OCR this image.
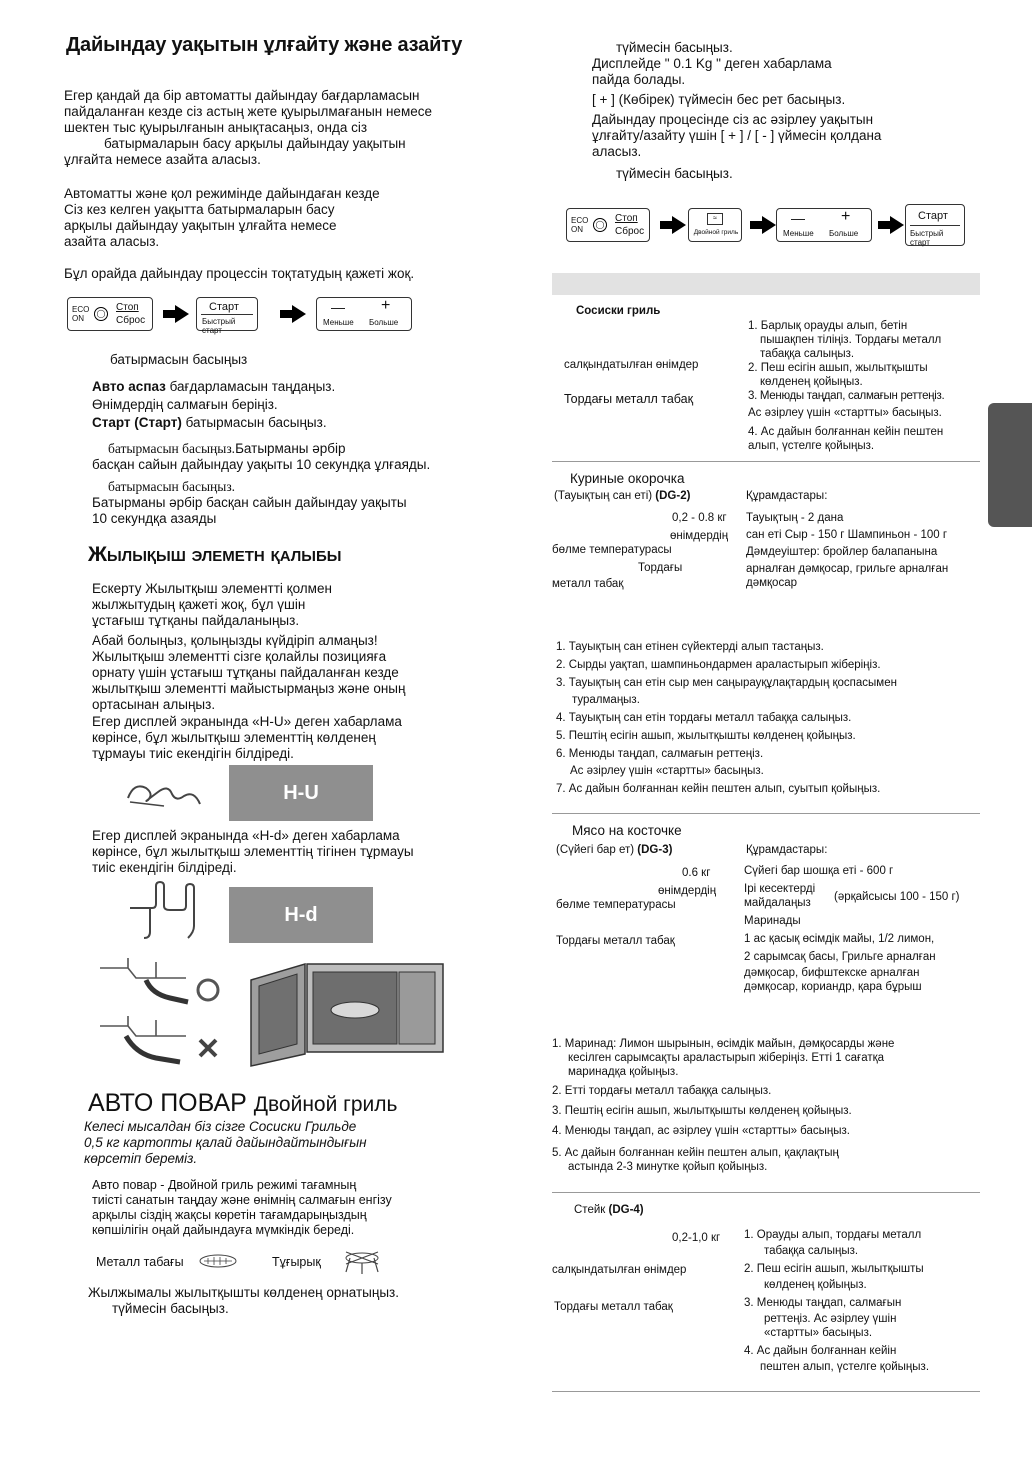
Дайындау уақытын ұлғайту және азайту
Егер қандай да бір автоматты дайындау бағдарламасын
пайдаланған кезде сіз астың жете қуырылмағанын немесе
шектен тыс қуырылғанын анықтасаңыз, онда сіз
батырмаларын басу арқылы дайындау уақытын
ұлғайта немесе азайта аласыз.
Автоматты және қол режимінде дайындаған кезде
Сіз кез келген уақытта батырмаларын басу
арқылы дайындау уақытын ұлғайта немесе
азайта аласыз.
Бұл орайда дайындау процессін тоқтатудың қажеті жоқ.
ECO ON
◯
Стоп
Сброс
Старт
Быстрый старт
— +
Меньше Больше
батырмасын басыңыз
Авто аспаз бағдарламасын таңдаңыз.
Өнімдердің салмағын беріңіз.
Старт (Старт) батырмасын басыңыз.
батырмасын басыңыз.Батырманы әрбір
басқан сайын дайындау уақыты 10 секундқа ұлғаяды.
батырмасын басыңыз.
Батырманы әрбір басқан сайын дайындау уақыты
10 секундқа азаяды
Жылықыш элеметн қалыбы
Ескерту Жылытқыш элементті қолмен
жылжытудың қажеті жоқ, бұл үшін
ұстағыш тұтқаны пайдаланыңыз.
Абай болыңыз, қолыңызды күйдіріп алмаңыз!
Жылытқыш элементті сізге қолайлы позицияға
орнату үшін ұстағыш тұтқаны пайдаланған кезде
жылытқыш элементті майыстырмаңыз және оның
ортасынан алыңыз.
Егер дисплей экранында «H-U» деген хабарлама
көрінсе, бұл жылытқыш элементтің көлденең
тұрмауы тиіс екендігін білдіреді.
H-U
Егер дисплей экранында «H-d» деген хабарлама
көрінсе, бұл жылытқыш элементтің тігінен тұрмауы
тиіс екендігін білдіреді.
H-d
АВТО ПОВАР Двойной гриль
Келесі мысалдан біз сізге Сосиски Грильде
0,5 кг картопты қалай дайындайтындығын
көрсетіп береміз.
Авто повар - Двойной гриль режимі тағамның
тиісті санатын таңдау және өнімнің салмағын енгізу
арқылы сіздің жақсы көретін тағамдарыңыздың
көпшілігін оңай дайындауға мүмкіндік береді.
Металл табағы	Тұғырық
Жылжымалы жылытқышты көлденең орнатыңыз.
түймесін басыңыз.
түймесін басыңыз.
Дисплейде " 0.1 Kg " деген хабарлама
пайда болады.
[ + ] (Көбірек) түймесін бес рет басыңыз.
Дайындау процесінде сіз ас әзірлеу уақытын
ұлғайту/азайту үшін [ + ] / [ - ] үймесін қолдана
аласыз.
түймесін басыңыз.
ECO ON
◯
Стоп
Сброс
≈
Двойной гриль
— +
Меньше Больше
Старт
Быстрый старт
Сосиски гриль
салқындатылған өнімдер
Тордағы металл табақ
1. Барлық орауды алып, бетін
пышақпен тіліңіз. Тордағы металл
табаққа салыңыз.
2. Пеш есігін ашып, жылытқышты
көлденең қойыңыз.
3. Менюды таңдап, салмағын реттеңіз.
Ас әзірлеу үшін «стартты» басыңыз.
4. Ас дайын болғаннан кейін пештен
алып, үстелге қойыңыз.
Куриные окорочка
(Тауықтың сан еті) (DG-2)
0,2 - 0.8 кг
өнімдердің
бөлме температурасы
Тордағы
металл табақ
Құрамдастары:
Тауықтың - 2 дана
сан еті Сыр - 150 г Шампиньон - 100 г
Дәмдеуіштер: бройлер балапанына
арналған дәмқосар, грильге арналған
дәмқосар
1. Тауықтың сан етінен сүйектерді алып тастаңыз.
2. Сырды уақтап, шампиньондармен араластырып жіберіңіз.
3. Тауықтың сан етін сыр мен саңырауқұлақтардың қоспасымен
туралмаңыз.
4. Тауықтың сан етін тордағы металл табаққа салыңыз.
5. Пештің есігін ашып, жылытқышты көлденең қойыңыз.
6. Менюды таңдап, салмағын реттеңіз.
Ас әзірлеу үшін «стартты» басыңыз.
7. Ас дайын болғаннан кейін пештен алып, суытып қойыңыз.
Мясо на косточке
(Сүйегі бар ет) (DG-3)
0.6 кг
өнімдердің
бөлме температурасы
Тордағы металл табақ
Құрамдастары:
Сүйегі бар шошқа еті - 600 г
Ірі кесектерді
майдалаңыз	(әрқайсысы 100 - 150 г)
Маринады
1 ас қасық өсімдік майы, 1/2 лимон,
2 сарымсақ басы, Грильге арналған
дәмқосар, бифштекске арналған
дәмқосар, кориандр, қара бұрыш
1. Маринад: Лимон шырынын, өсімдік майын, дәмқосарды және
кесілген сарымсақты араластырып жіберіңіз. Етті 1 сағатқа
маринадқа қойыңыз.
2. Етті тордағы металл табаққа салыңыз.
3. Пештің есігін ашып, жылытқышты көлденең қойыңыз.
4. Менюды таңдап, ас әзірлеу үшін «стартты» басыңыз.
5. Ас дайын болғаннан кейін пештен алып, қақлақтың
астында 2-3 минутке қойып қойыңыз.
Стейк (DG-4)
0,2-1,0 кг
салқындатылған өнімдер
Тордағы металл табақ
1. Орауды алып, тордағы металл
табаққа салыңыз.
2. Пеш есігін ашып, жылытқышты
көлденең қойыңыз.
3. Менюды таңдап, салмағын
реттеңіз. Ас әзірлеу үшін
«стартты» басыңыз.
4. Ас дайын болғаннан кейін
пештен алып, үстелге қойыңыз.
